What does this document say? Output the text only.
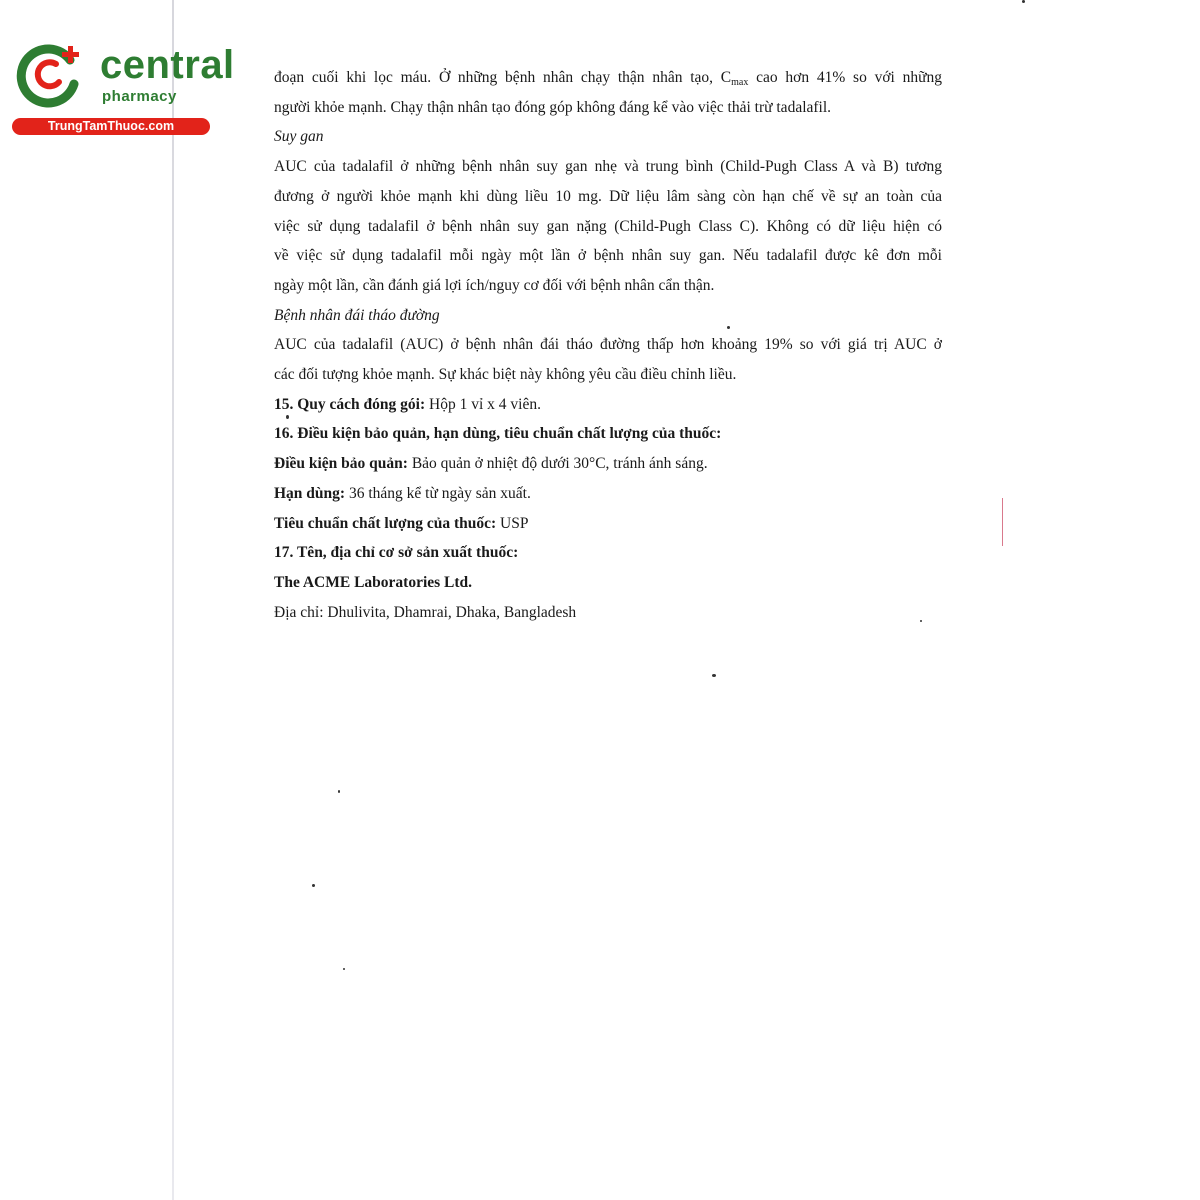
central
pharmacy
TrungTamThuoc.com

đoạn cuối khi lọc máu. Ở những bệnh nhân chạy thận nhân tạo, $C_{max}$ cao hơn 41% so với những

người khỏe mạnh. Chạy thận nhân tạo đóng góp không đáng kể vào việc thải trừ tadalafil.

Suy gan

AUC của tadalafil ở những bệnh nhân suy gan nhẹ và trung bình (Child-Pugh Class A và B) tương

đương ở người khỏe mạnh khi dùng liều 10 mg. Dữ liệu lâm sàng còn hạn chế về sự an toàn của

việc sử dụng tadalafil ở bệnh nhân suy gan nặng (Child-Pugh Class C). Không có dữ liệu hiện có

về việc sử dụng tadalafil mỗi ngày một lần ở bệnh nhân suy gan. Nếu tadalafil được kê đơn mỗi

ngày một lần, cần đánh giá lợi ích/nguy cơ đối với bệnh nhân cẩn thận.

Bệnh nhân đái tháo đường

AUC của tadalafil (AUC) ở bệnh nhân đái tháo đường thấp hơn khoảng 19% so với giá trị AUC ở

các đối tượng khỏe mạnh. Sự khác biệt này không yêu cầu điều chỉnh liều.

15. Quy cách đóng gói: Hộp 1 vỉ x 4 viên.

16. Điều kiện bảo quản, hạn dùng, tiêu chuẩn chất lượng của thuốc:

Điều kiện bảo quản: Bảo quản ở nhiệt độ dưới 30°C, tránh ánh sáng.

Hạn dùng: 36 tháng kể từ ngày sản xuất.

Tiêu chuẩn chất lượng của thuốc: USP

17. Tên, địa chỉ cơ sở sản xuất thuốc:

The ACME Laboratories Ltd.

Địa chỉ: Dhulivita, Dhamrai, Dhaka, Bangladesh
